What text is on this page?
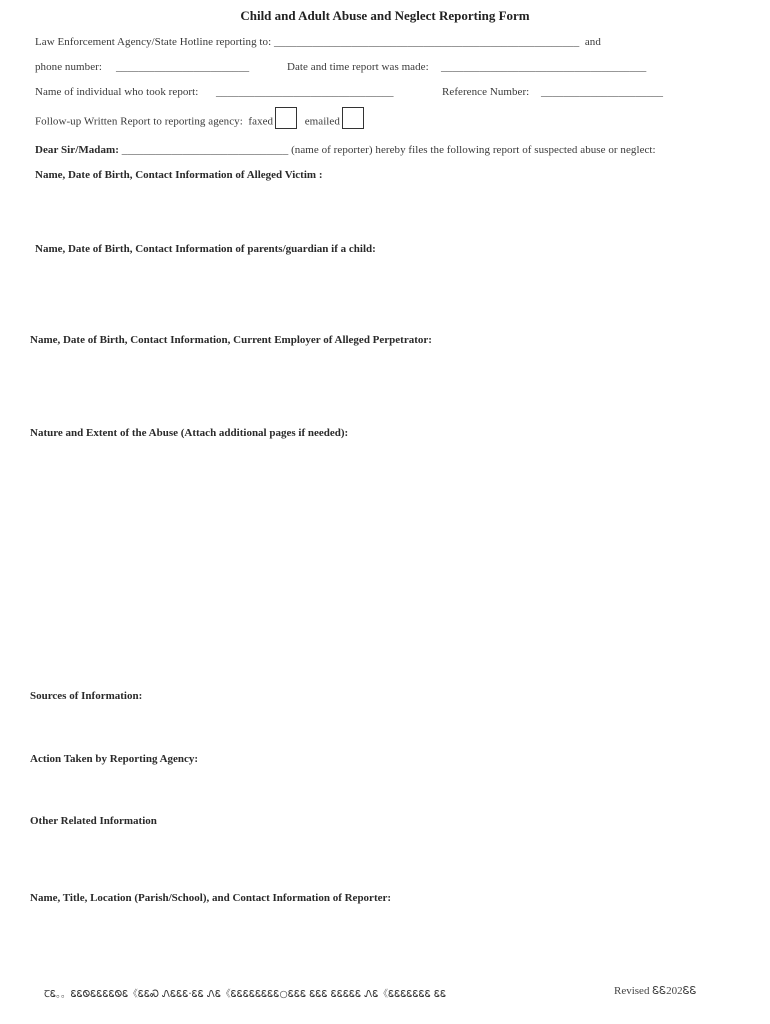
Child and Adult Abuse and Neglect Reporting Form
Law Enforcement Agency/State Hotline reporting to: _______________________________________________________ and
phone number: ________________________	Date and time report was made: _____________________________________
Name of individual who took report: ________________________________	Reference Number: ______________________
Follow-up Written Report to reporting agency: faxed	emailed
Dear Sir/Madam: ______________________________ (name of reporter) hereby files the following report of suspected abuse or neglect:
Name, Date of Birth, Contact Information of Alleged Victim :
Name, Date of Birth, Contact Information of parents/guardian if a child:
Name, Date of Birth, Contact Information, Current Employer of Alleged Perpetrator:
Nature and Extent of the Abuse (Attach additional pages if needed):
Sources of Information:
Action Taken by Reporting Agency:
Other Related Information
Name, Title, Location (Parish/School), and Contact Information of Reporter:
ꞆᏋ。。ᏋᏋᏫᏋᏋᏋᏋᏫᏋ《ᏋᏋᏍ ᏁᏋᏋᏋ·ᏋᏋ ᏁᏋ《ᏋᏋᏋᏋᏋᏋᏋᏋ○ᏋᏋᏋ ᏋᏋᏋ ᏋᏋᏋᏋᏋ ᏁᏋ《ᏋᏋᏋᏋᏋᏋᏋ ᏋᏋ	Revised ᏋᏋ202ᏋᏋ
